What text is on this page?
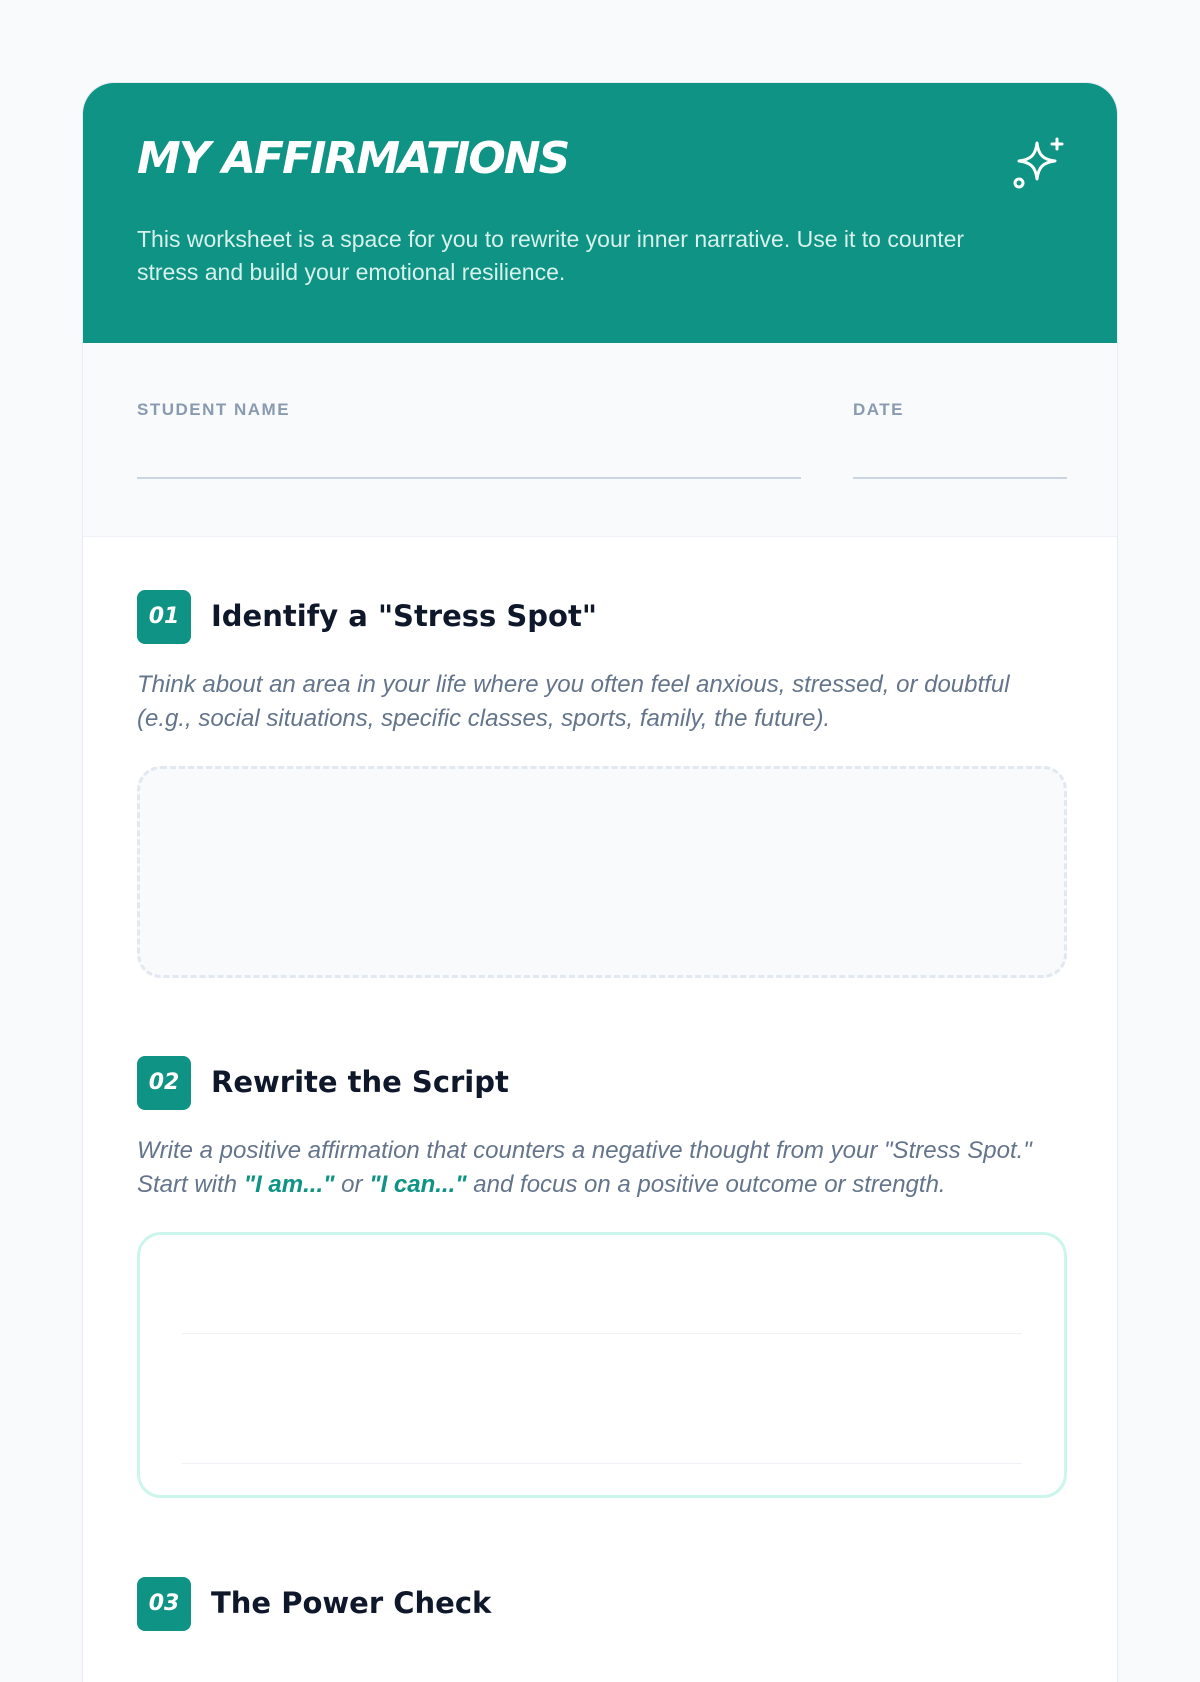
MY AFFIRMATIONS

This worksheet is a space for you to rewrite your inner narrative. Use it to counter stress and build your emotional resilience.

STUDENT NAME	DATE
01	Identify a "Stress Spot"

Think about an area in your life where you often feel anxious, stressed, or doubtful (e.g., social situations, specific classes, sports, family, the future).

02	Rewrite the Script

Write a positive affirmation that counters a negative thought from your "Stress Spot." Start with "I am..." or "I can..." and focus on a positive outcome or strength.

03	The Power Check
